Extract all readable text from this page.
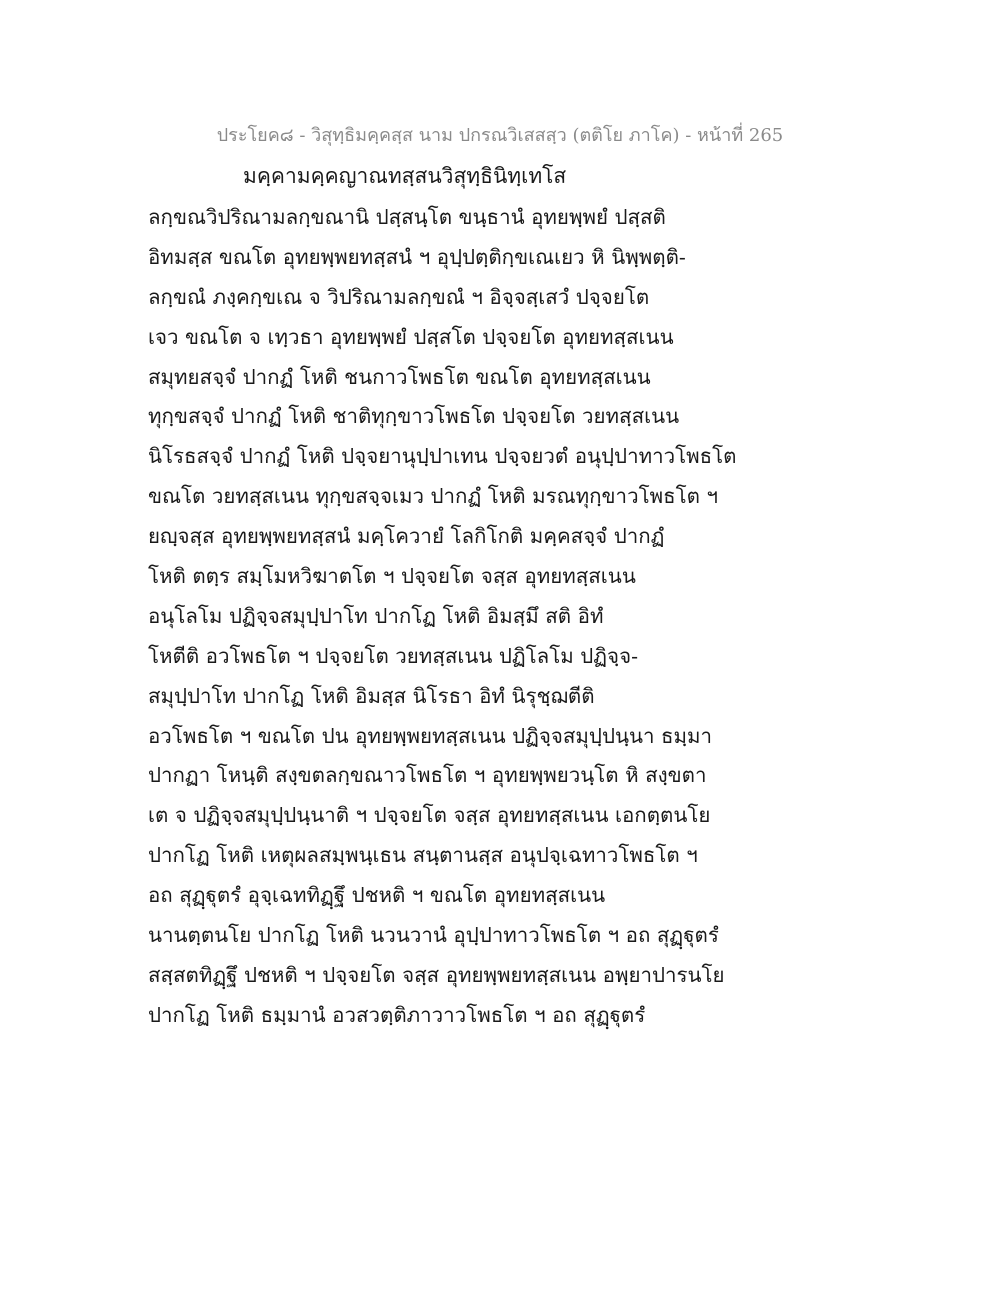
ประโยค๘ - วิสุทฺธิมคฺคสฺส นาม ปกรณวิเสสสฺว (ตติโย ภาโค) - หน้าที่ 265
มคฺคามคฺคญาณทสฺสนวิสุทฺธินิทฺเทโส
ลกฺขณวิปริณามลกฺขณานิ ปสฺสนฺโต ขนฺธานํ อุทยพฺพยํ ปสฺสติ
อิทมสฺส ขณโต อุทยพฺพยทสฺสนํ ฯ อุปฺปตฺติกฺขเณเยว หิ นิพฺพตฺติ-
ลกฺขณํ ภงฺคกฺขเณ จ วิปริณามลกฺขณํ ฯ อิจฺจสฺเสวํ ปจฺจยโต
เจว ขณโต จ เทฺวธา อุทยพฺพยํ ปสฺสโต ปจฺจยโต อุทยทสฺสเนน
สมุทยสจฺจํ ปากฏํ โหติ ชนกาวโพธโต ขณโต อุทยทสฺสเนน
ทุกฺขสจฺจํ ปากฏํ โหติ ชาติทุกฺขาวโพธโต ปจฺจยโต วยทสฺสเนน
นิโรธสจฺจํ ปากฏํ โหติ ปจฺจยานุปฺปาเทน ปจฺจยวตํ อนุปฺปาทาวโพธโต
ขณโต วยทสฺสเนน ทุกฺขสจฺจเมว ปากฏํ โหติ มรณทุกฺขาวโพธโต ฯ
ยญฺจสฺส อุทยพฺพยทสฺสนํ มคฺโควายํ โลกิโกติ มคฺคสจฺจํ ปากฏํ
โหติ ตตฺร สมฺโมหวิฆาตโต ฯ ปจฺจยโต จสฺส อุทยทสฺสเนน
อนุโลโม ปฏิจฺจสมุปฺปาโท ปากโฏ โหติ อิมสฺมึ สติ อิทํ
โหตีติ อวโพธโต ฯ ปจฺจยโต วยทสฺสเนน ปฏิโลโม ปฏิจฺจ-
สมุปฺปาโท ปากโฏ โหติ อิมสฺส นิโรธา อิทํ นิรุชฺฌตีติ
อวโพธโต ฯ ขณโต ปน อุทยพฺพยทสฺสเนน ปฏิจฺจสมุปฺปนฺนา ธมฺมา
ปากฏา โหนฺติ สงฺขตลกฺขณาวโพธโต ฯ อุทยพฺพยวนฺโต หิ สงฺขตา
เต จ ปฏิจฺจสมุปฺปนฺนาติ ฯ ปจฺจยโต จสฺส อุทยทสฺสเนน เอกตฺตนโย
ปากโฏ โหติ เหตุผลสมฺพนฺเธน สนฺตานสฺส อนุปจฺเฉทาวโพธโต ฯ
อถ สุฏฺฐุตรํ อุจฺเฉททิฏฺฐึ ปชหติ ฯ ขณโต อุทยทสฺสเนน
นานตฺตนโย ปากโฏ โหติ นวนวานํ อุปฺปาทาวโพธโต ฯ อถ สุฏฺฐุตรํ
สสฺสตทิฏฺฐึ ปชหติ ฯ ปจฺจยโต จสฺส อุทยพฺพยทสฺสเนน อพฺยาปารนโย
ปากโฏ โหติ ธมฺมานํ อวสวตฺติภาวาวโพธโต ฯ อถ สุฏฺฐุตรํ
